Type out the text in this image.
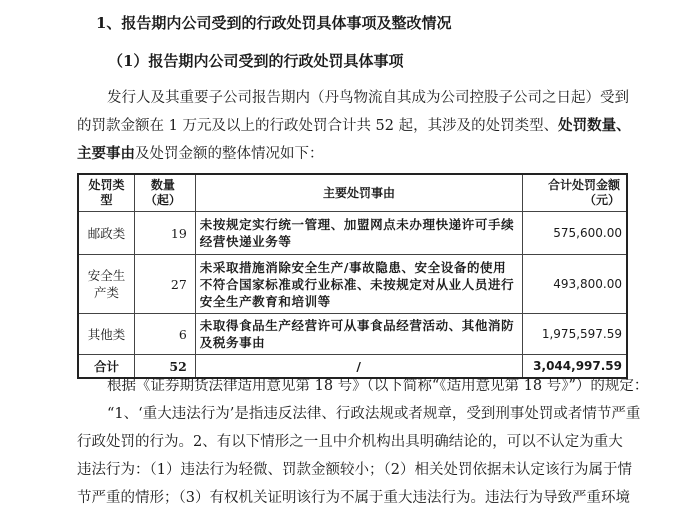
1、报告期内公司受到的行政处罚具体事项及整改情况
（1）报告期内公司受到的行政处罚具体事项
发行人及其重要子公司报告期内（丹鸟物流自其成为公司控股子公司之日起）受到
的罚款金额在 1 万元及以上的行政处罚合计共 52 起，其涉及的处罚类型、处罚数量、
主要事由及处罚金额的整体情况如下：
处罚类型	数量（起）	主要处罚事由	合计处罚金额（元）
邮政类	19	未按规定实行统一管理、加盟网点未办理快递许可手续经营快递业务等	575,600.00
安全生产类	27	未采取措施消除安全生产/事故隐患、安全设备的使用不符合国家标准或行业标准、未按规定对从业人员进行安全生产教育和培训等	493,800.00
其他类	6	未取得食品生产经营许可从事食品经营活动、其他消防及税务事由	1,975,597.59
合计	52	/	3,044,997.59
根据《证券期货法律适用意见第 18 号》（以下简称“《适用意见第 18 号》”）的规定：
“1、‘重大违法行为’是指违反法律、行政法规或者规章，受到刑事处罚或者情节严重
行政处罚的行为。2、有以下情形之一且中介机构出具明确结论的，可以不认定为重大
违法行为：（1）违法行为轻微、罚款金额较小；（2）相关处罚依据未认定该行为属于情
节严重的情形；（3）有权机关证明该行为不属于重大违法行为。违法行为导致严重环境
